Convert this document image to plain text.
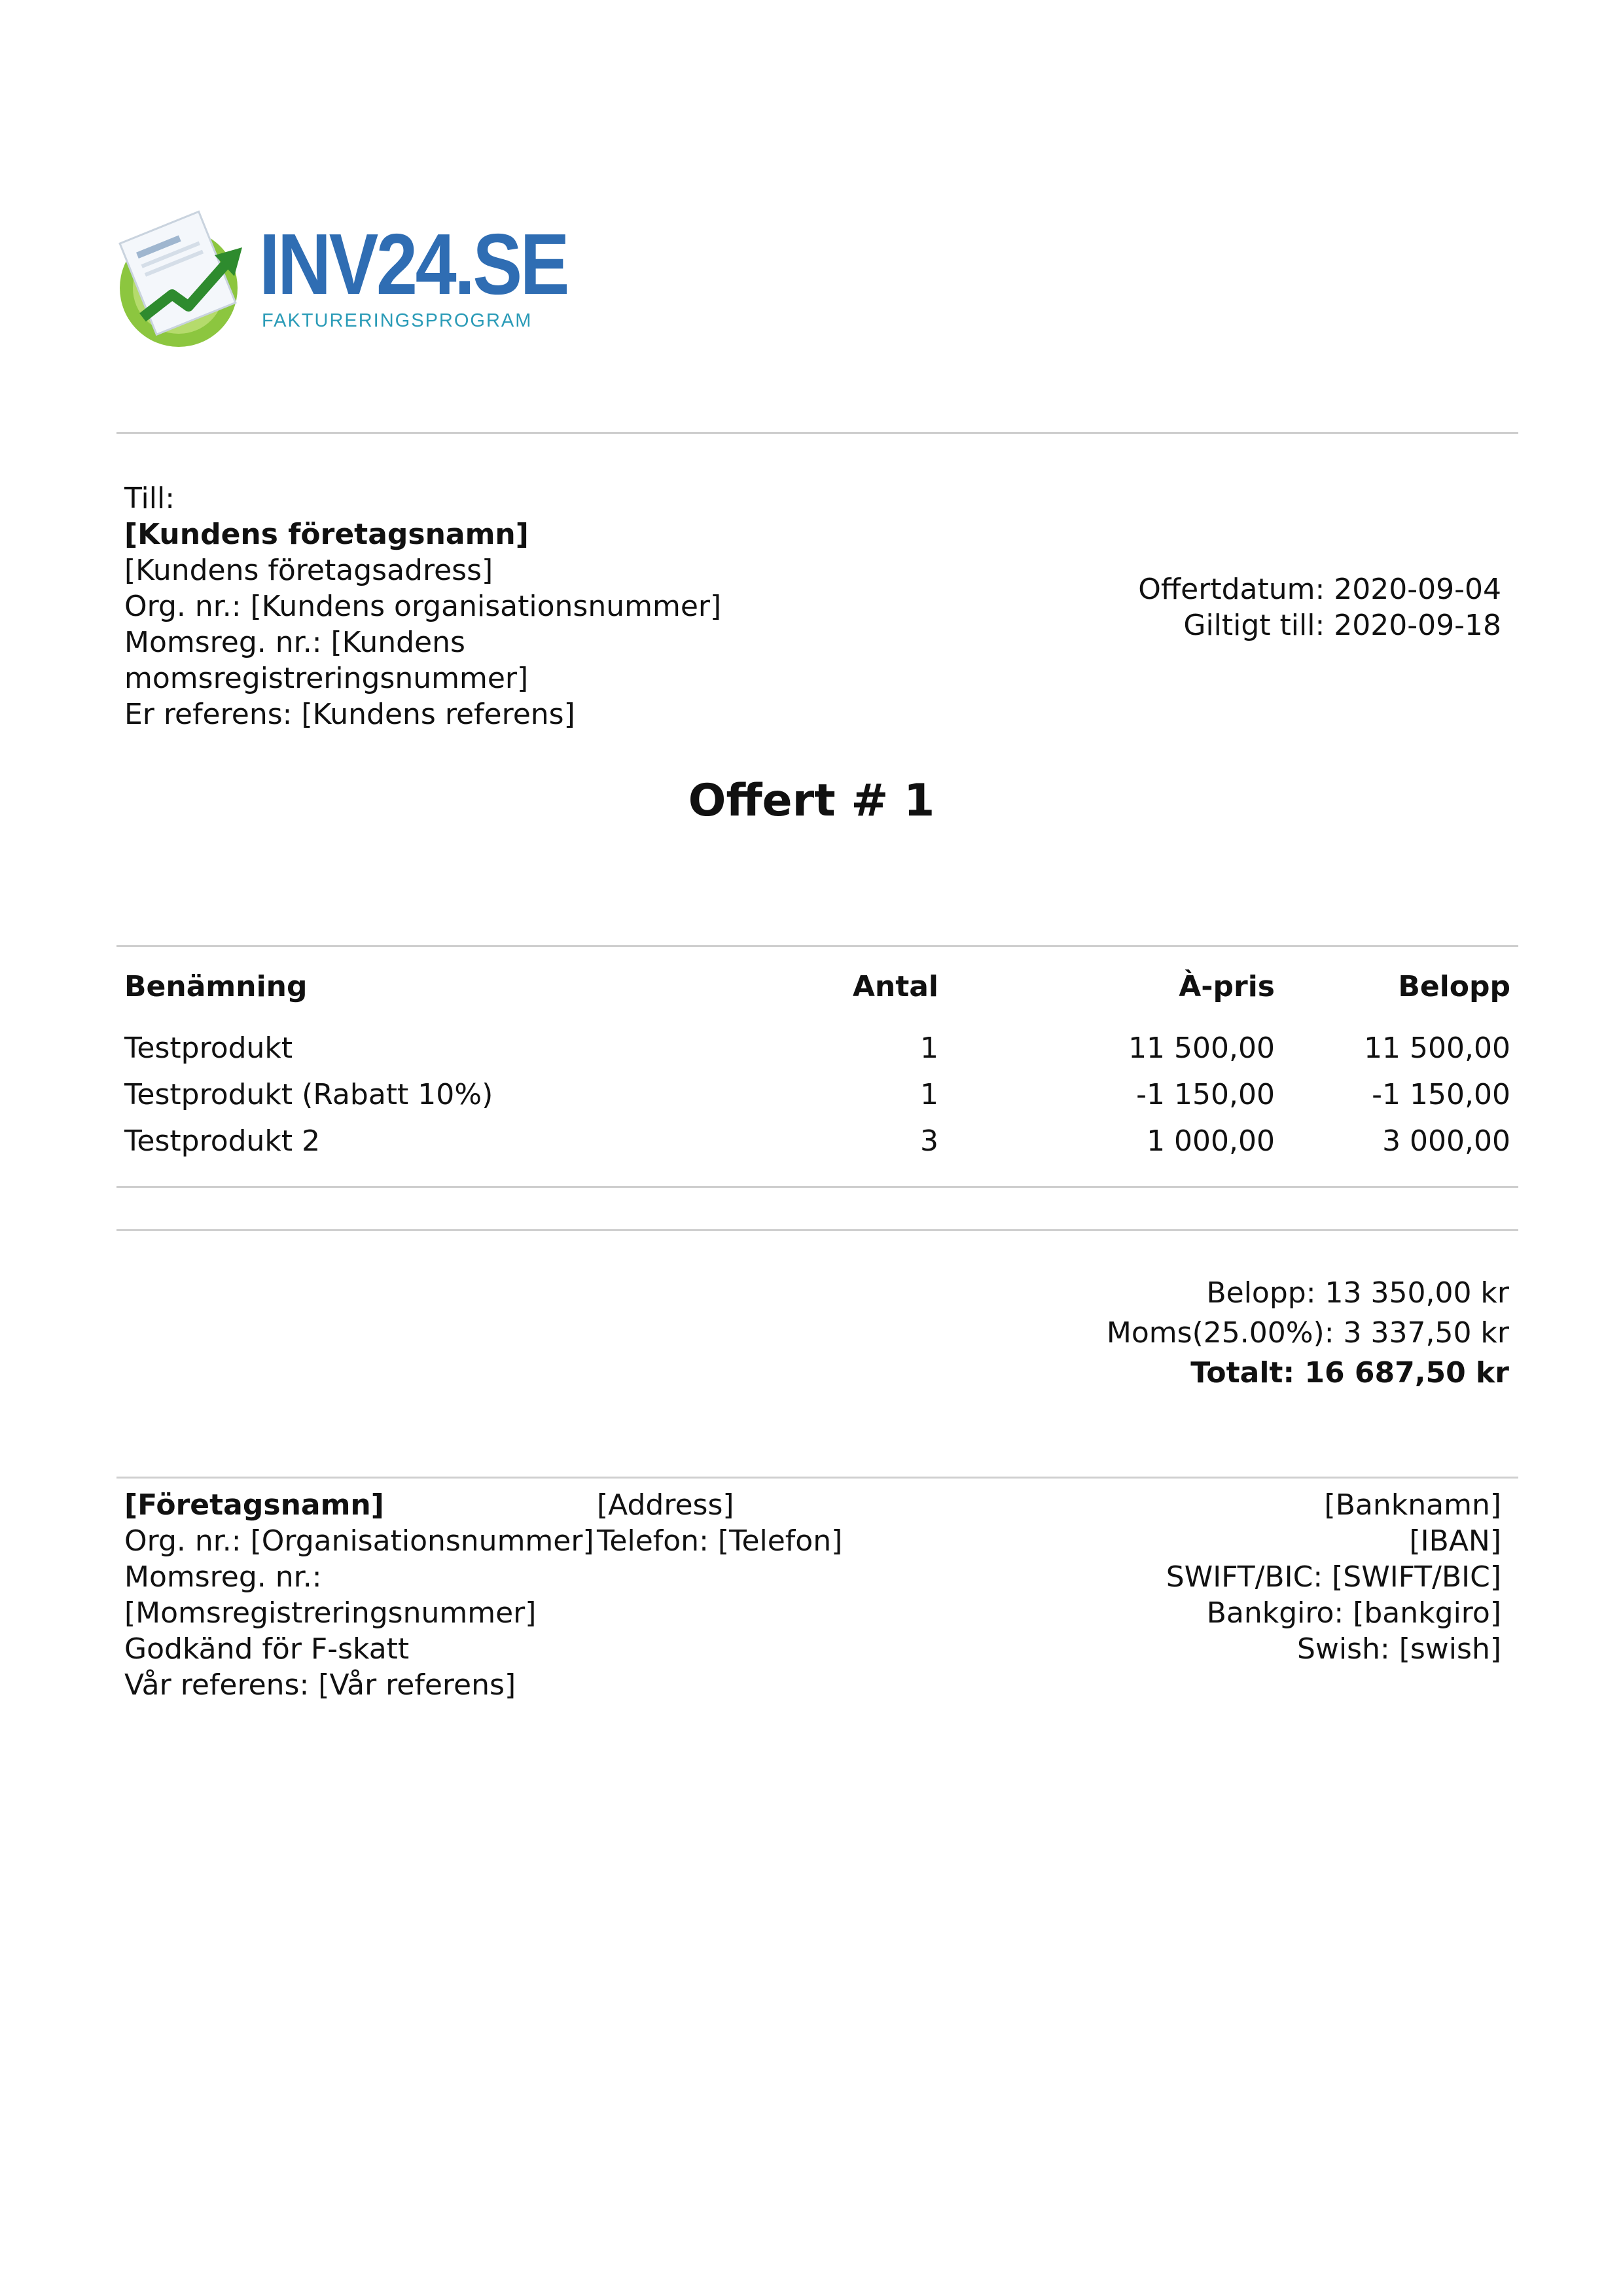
INV24.SE
FAKTURERINGSPROGRAM
Till:
[Kundens företagsnamn]
[Kundens företagsadress]
Org. nr.: [Kundens organisationsnummer]
Momsreg. nr.: [Kundens
momsregistreringsnummer]
Er referens: [Kundens referens]
Offertdatum: 2020-09-04
Giltigt till: 2020-09-18
Offert # 1
Benämning	Antal	À-pris	Belopp
Testprodukt	1	11 500,00	11 500,00
Testprodukt (Rabatt 10%)	1	-1 150,00	-1 150,00
Testprodukt 2	3	1 000,00	3 000,00
Belopp: 13 350,00 kr
Moms(25.00%): 3 337,50 kr
Totalt: 16 687,50 kr
[Företagsnamn]
Org. nr.: [Organisationsnummer]
Momsreg. nr.:
[Momsregistreringsnummer]
Godkänd för F-skatt
Vår referens: [Vår referens]
[Address]
Telefon: [Telefon]
[Banknamn]
[IBAN]
SWIFT/BIC: [SWIFT/BIC]
Bankgiro: [bankgiro]
Swish: [swish]
